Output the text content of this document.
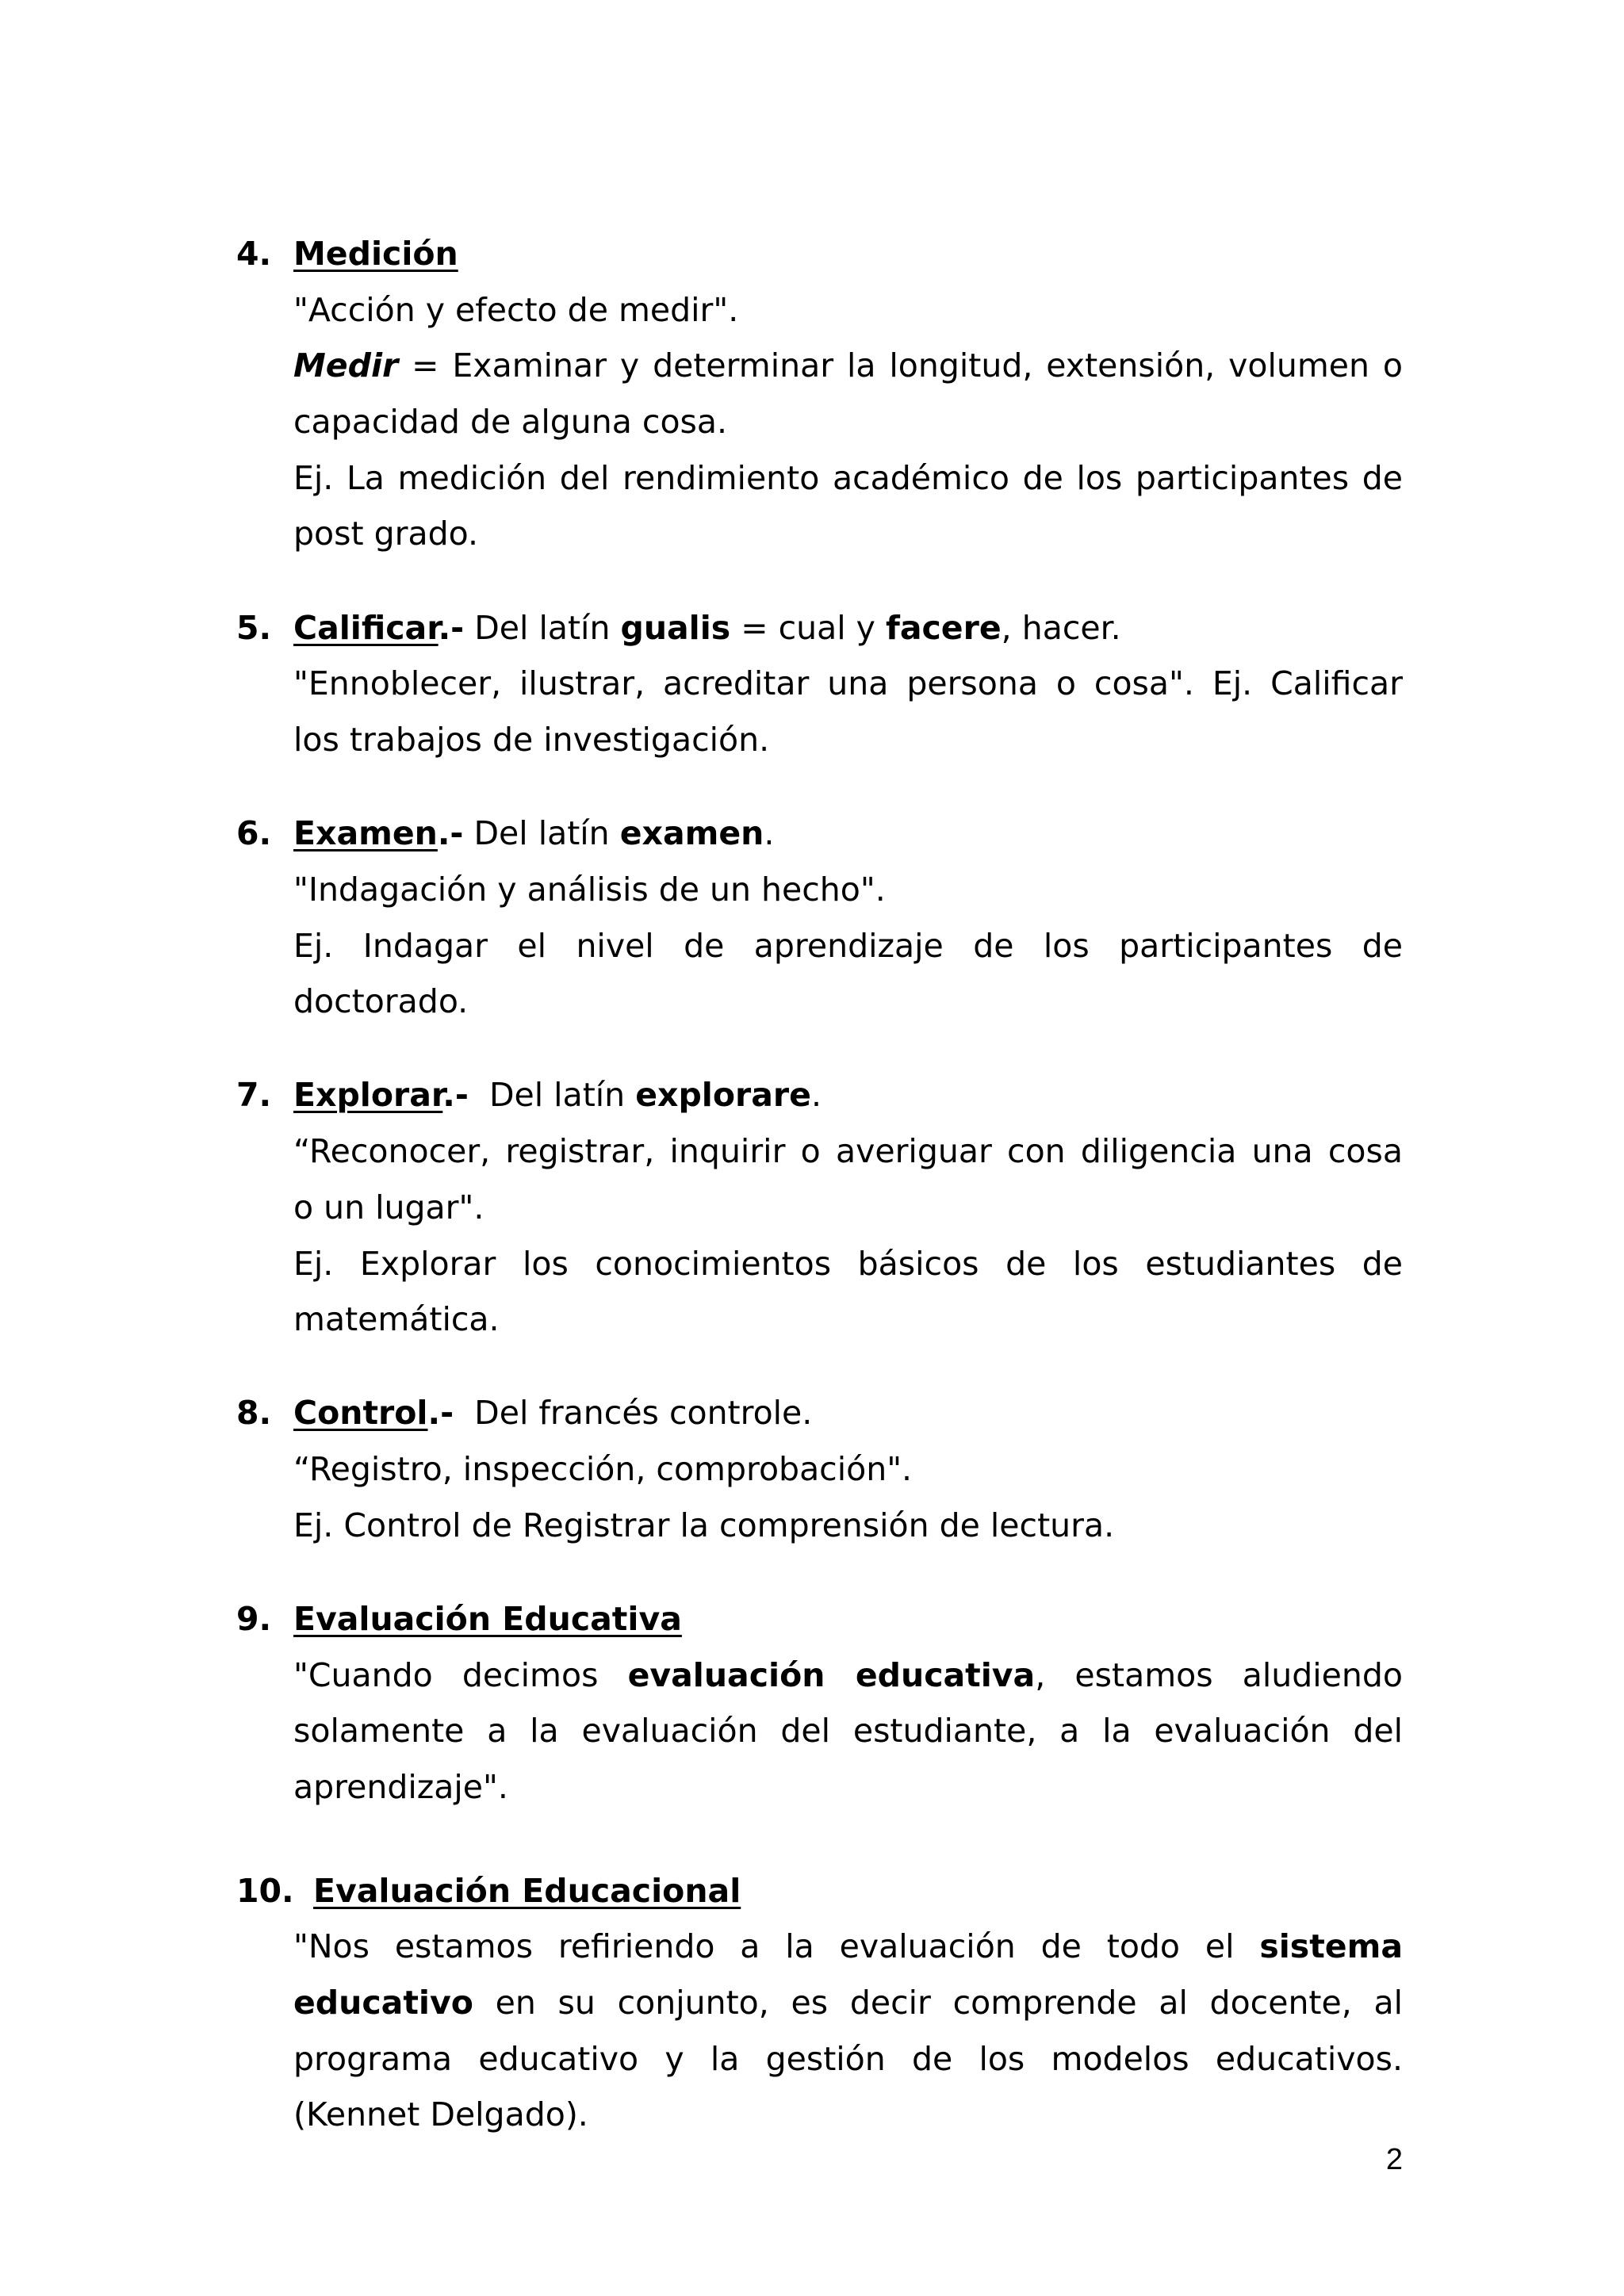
4. Medición
"Acción y efecto de medir".
Medir = Examinar y determinar la longitud, extensión, volumen o
capacidad de alguna cosa.
Ej. La medición del rendimiento académico de los participantes de
post grado.
5. Calificar.- Del latín gualis = cual y facere, hacer.
"Ennoblecer, ilustrar, acreditar una persona o cosa". Ej. Calificar
los trabajos de investigación.
6. Examen.- Del latín examen.
"Indagación y análisis de un hecho".
Ej. Indagar el nivel de aprendizaje de los participantes de
doctorado.
7. Explorar.-  Del latín explorare.
“Reconocer, registrar, inquirir o averiguar con diligencia una cosa
o un lugar".
Ej. Explorar los conocimientos básicos de los estudiantes de
matemática.
8. Control.-  Del francés controle.
“Registro, inspección, comprobación".
Ej. Control de Registrar la comprensión de lectura.
9. Evaluación Educativa
"Cuando decimos evaluación educativa, estamos aludiendo
solamente a la evaluación del estudiante, a la evaluación del
aprendizaje".
10. Evaluación Educacional
"Nos estamos refiriendo a la evaluación de todo el sistema
educativo en su conjunto, es decir comprende al docente, al
programa educativo y la gestión de los modelos educativos.
(Kennet Delgado).
2
